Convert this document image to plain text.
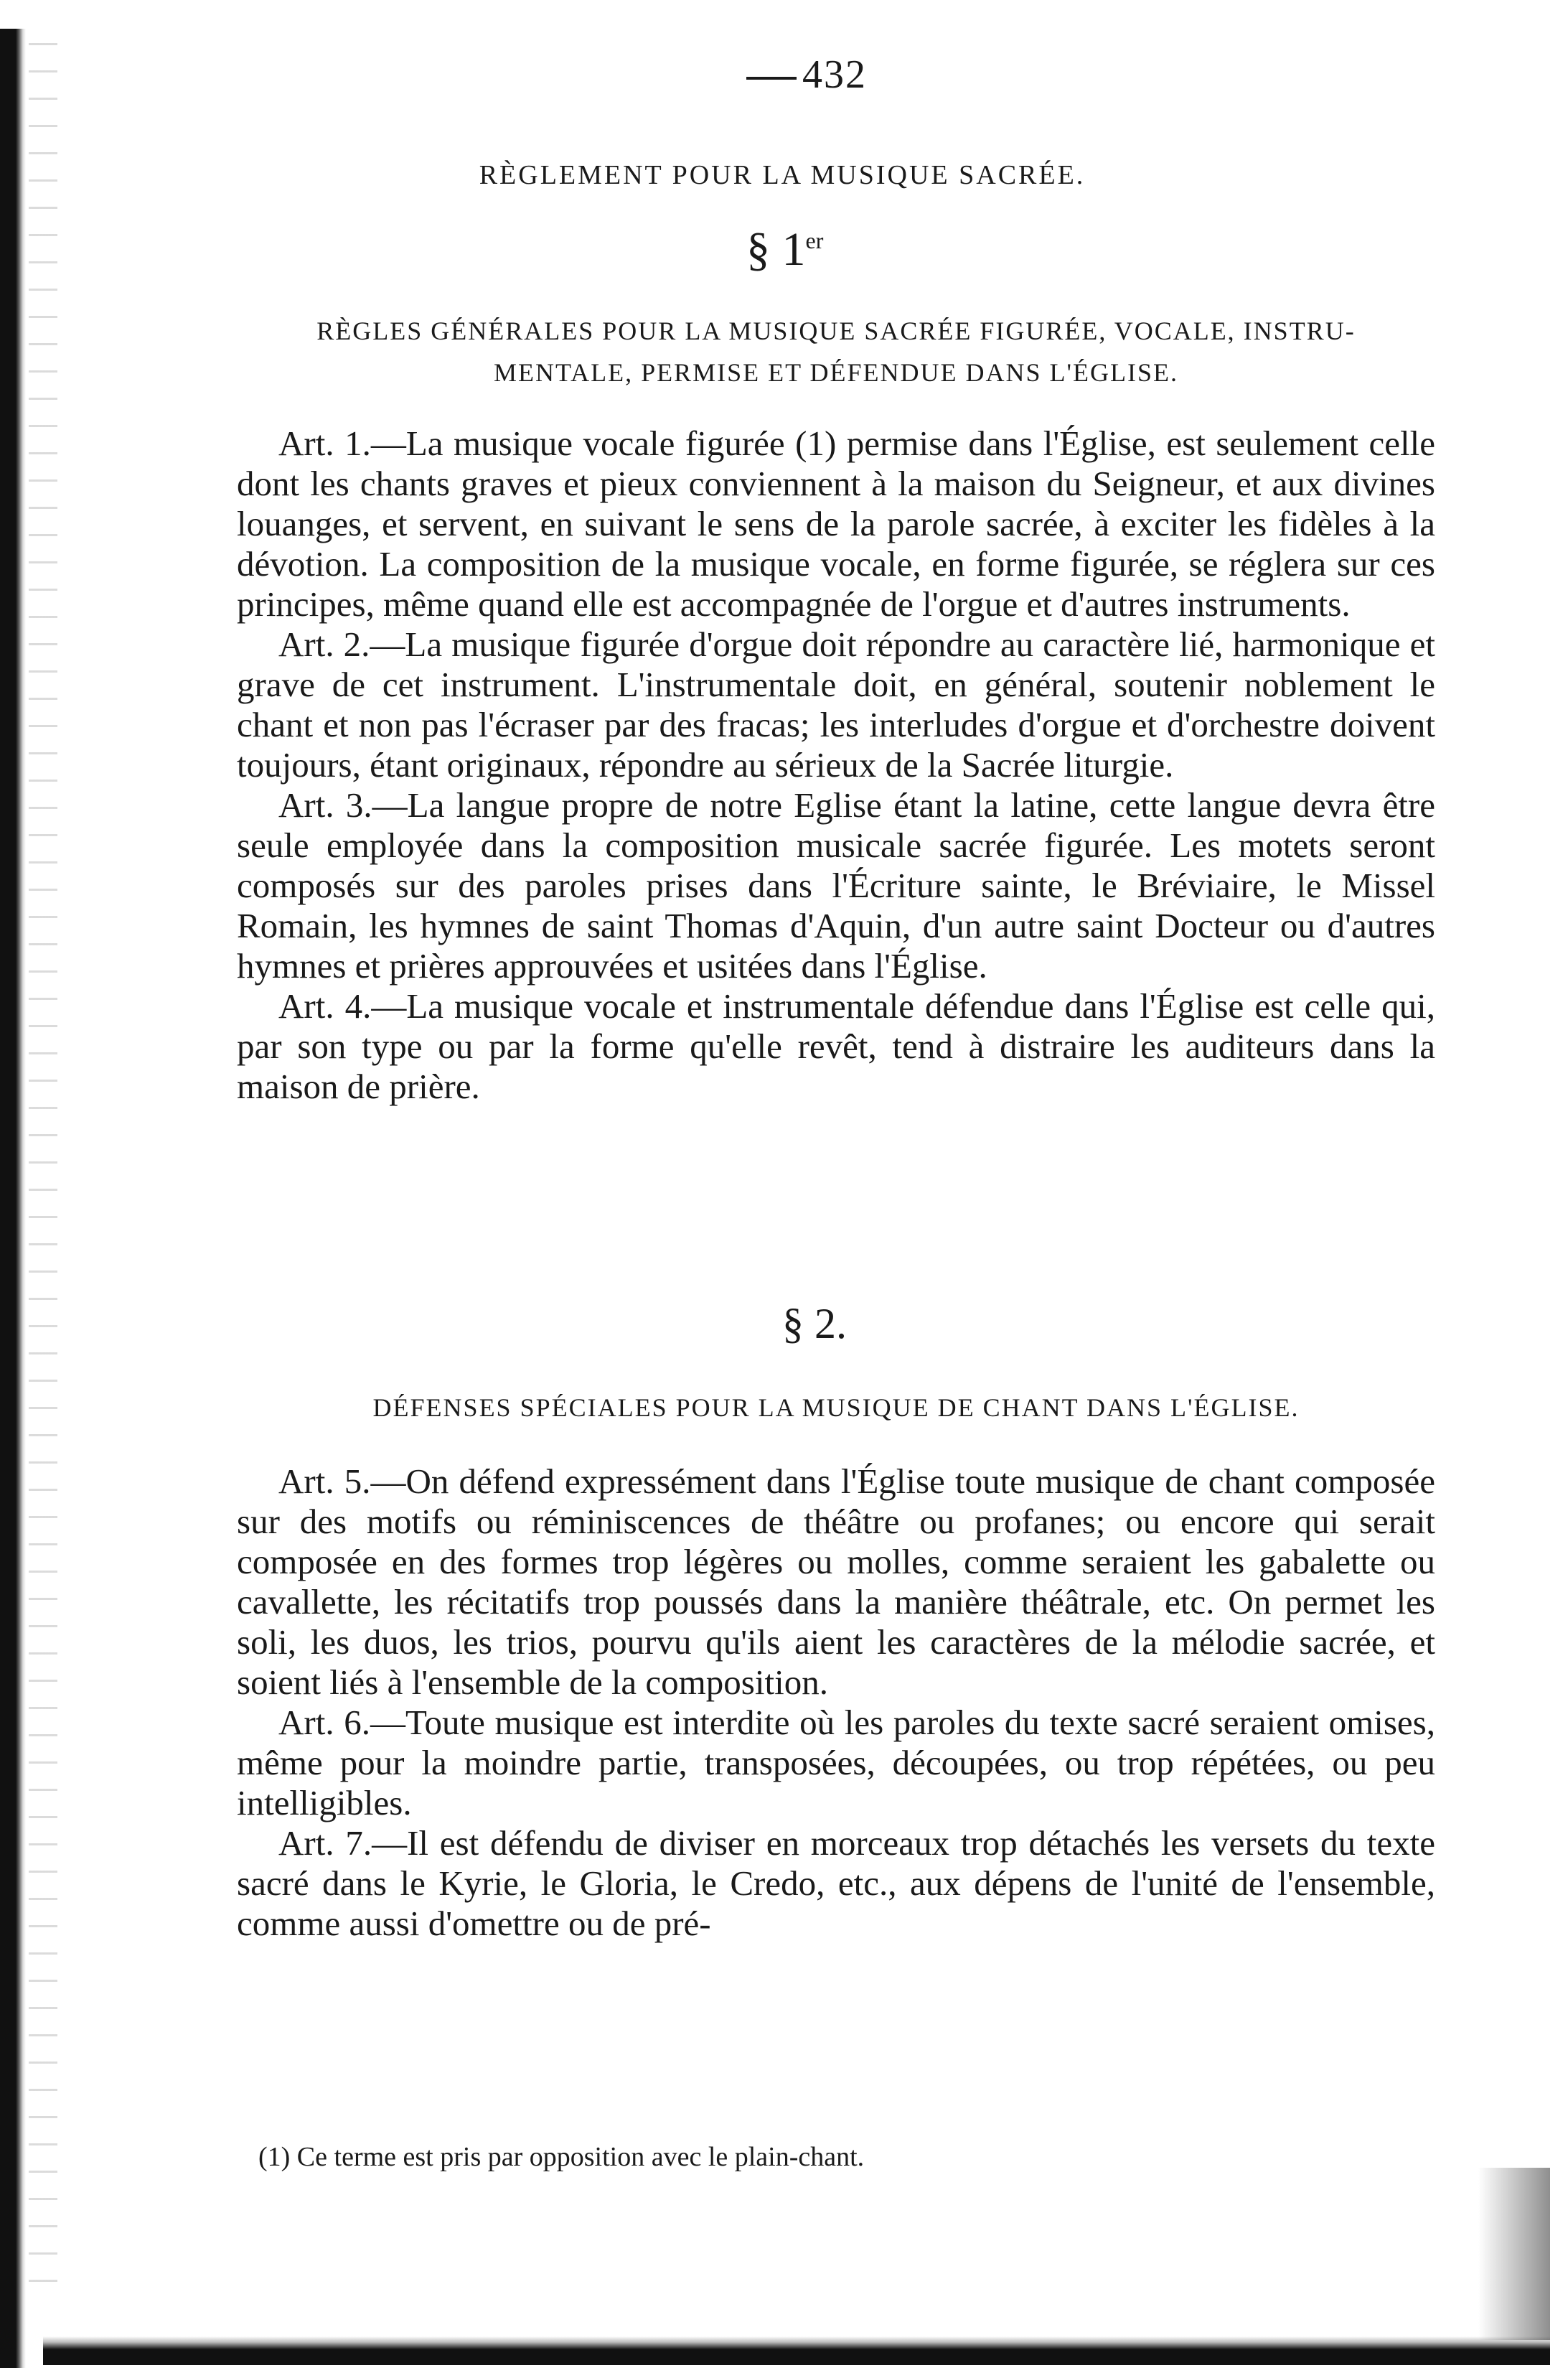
432
RÈGLEMENT POUR LA MUSIQUE SACRÉE.
§ 1er
RÈGLES GÉNÉRALES POUR LA MUSIQUE SACRÉE FIGURÉE, VOCALE, INSTRU-
MENTALE, PERMISE ET DÉFENDUE DANS L'ÉGLISE.

Art. 1.—La musique vocale figurée (1) permise dans l'Église, est seulement celle dont les chants graves et pieux conviennent à la maison du Seigneur, et aux divines louanges, et servent, en suivant le sens de la parole sacrée, à exciter les fidèles à la dévotion. La composition de la musique vocale, en forme figurée, se réglera sur ces principes, même quand elle est accompagnée de l'orgue et d'autres instruments.

Art. 2.—La musique figurée d'orgue doit répondre au caractère lié, harmonique et grave de cet instrument. L'instrumentale doit, en général, soutenir noblement le chant et non pas l'écraser par des fracas; les interludes d'orgue et d'orchestre doivent toujours, étant originaux, répondre au sérieux de la Sacrée liturgie.

Art. 3.—La langue propre de notre Eglise étant la latine, cette langue devra être seule employée dans la composition musicale sacrée figurée. Les motets seront composés sur des paroles prises dans l'Écriture sainte, le Bréviaire, le Missel Romain, les hymnes de saint Thomas d'Aquin, d'un autre saint Docteur ou d'autres hymnes et prières approuvées et usitées dans l'Église.

Art. 4.—La musique vocale et instrumentale défendue dans l'Église est celle qui, par son type ou par la forme qu'elle revêt, tend à distraire les auditeurs dans la maison de prière.

§ 2.
DÉFENSES SPÉCIALES POUR LA MUSIQUE DE CHANT DANS L'ÉGLISE.

Art. 5.—On défend expressément dans l'Église toute musique de chant composée sur des motifs ou réminiscences de théâtre ou profanes; ou encore qui serait composée en des formes trop légères ou molles, comme seraient les gabalette ou cavallette, les récitatifs trop poussés dans la manière théâtrale, etc. On permet les soli, les duos, les trios, pourvu qu'ils aient les caractères de la mélodie sacrée, et soient liés à l'ensemble de la composition.

Art. 6.—Toute musique est interdite où les paroles du texte sacré seraient omises, même pour la moindre partie, transposées, découpées, ou trop répétées, ou peu intelligibles.

Art. 7.—Il est défendu de diviser en morceaux trop détachés les versets du texte sacré dans le Kyrie, le Gloria, le Credo, etc., aux dépens de l'unité de l'ensemble, comme aussi d'omettre ou de pré-

(1) Ce terme est pris par opposition avec le plain-chant.
